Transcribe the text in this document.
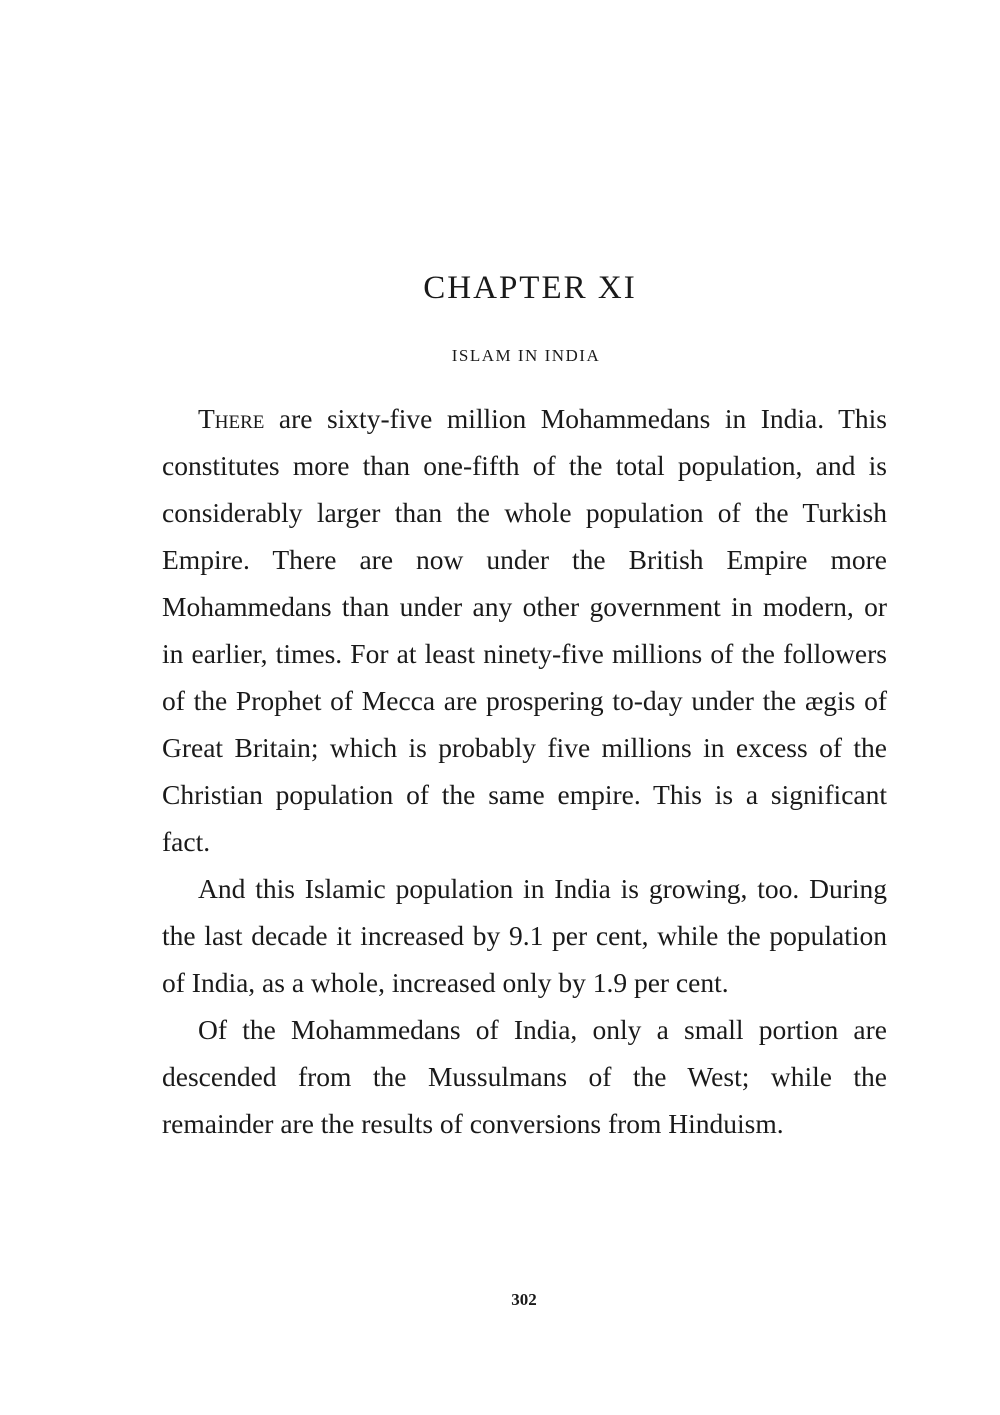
CHAPTER XI
ISLAM IN INDIA

There are sixty-five million Mohammedans in India. This constitutes more than one-fifth of the total population, and is considerably larger than the whole population of the Turkish Empire. There are now under the British Empire more Mohammedans than under any other government in modern, or in earlier, times. For at least ninety-five millions of the followers of the Prophet of Mecca are prospering to-day under the ægis of Great Britain; which is probably five millions in excess of the Christian population of the same empire. This is a significant fact.

And this Islamic population in India is growing, too. During the last decade it increased by 9.1 per cent, while the population of India, as a whole, increased only by 1.9 per cent.

Of the Mohammedans of India, only a small portion are descended from the Mussulmans of the West; while the remainder are the results of conversions from Hinduism.

302
